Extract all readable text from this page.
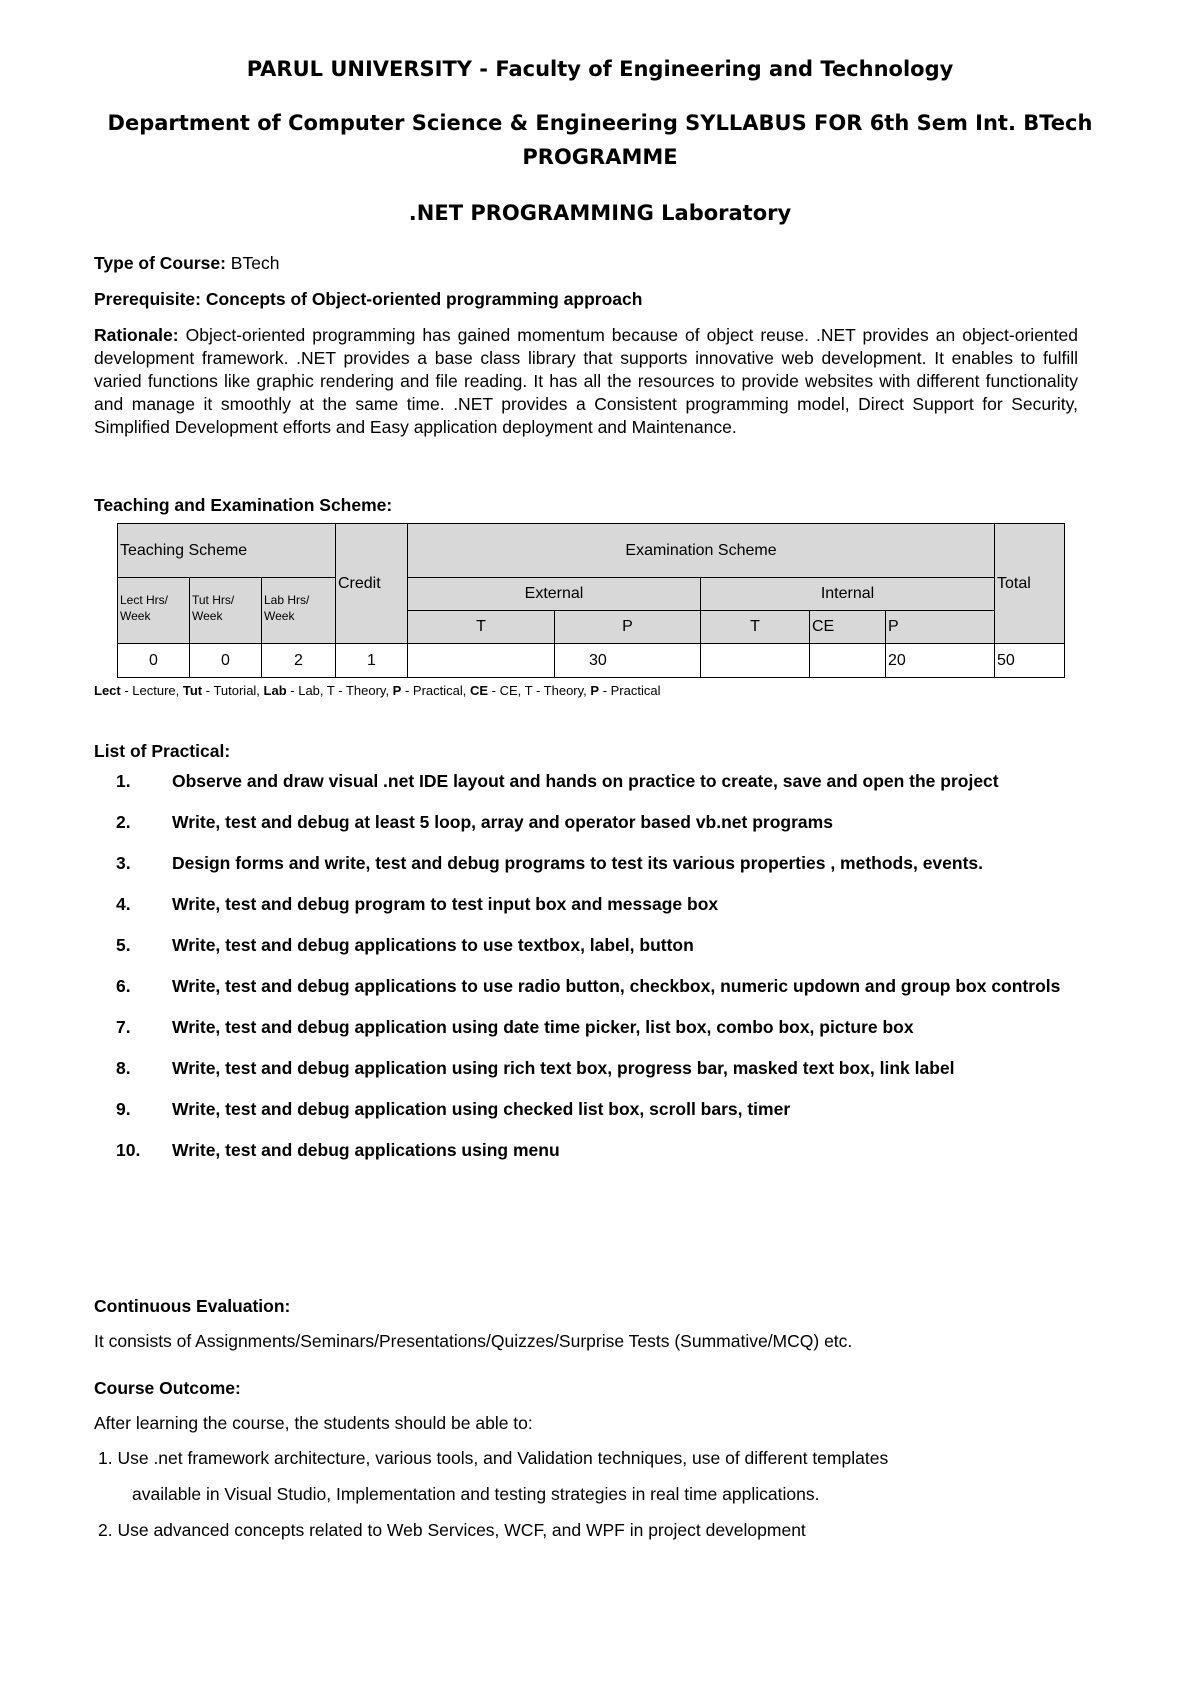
PARUL UNIVERSITY - Faculty of Engineering and Technology
Department of Computer Science & Engineering SYLLABUS FOR 6th Sem Int. BTech
PROGRAMME
.NET PROGRAMMING Laboratory
Type of Course: BTech
Prerequisite: Concepts of Object-oriented programming approach
Rationale: Object-oriented programming has gained momentum because of object reuse. .NET provides an object-oriented development framework. .NET provides a base class library that supports innovative web development. It enables to fulfill varied functions like graphic rendering and file reading. It has all the resources to provide websites with different functionality and manage it smoothly at the same time. .NET provides a Consistent programming model, Direct Support for Security, Simplified Development efforts and Easy application deployment and Maintenance.
Teaching and Examination Scheme:
Teaching Scheme			Credit	Examination Scheme					Total
Lect Hrs/ Week	Tut Hrs/ Week	Lab Hrs/ Week		External		Internal			
				T	P	T	CE	P	
0	0	2	1		30			20	50
Lect - Lecture, Tut - Tutorial, Lab - Lab, T - Theory, P - Practical, CE - CE, T - Theory, P - Practical
List of Practical:
1. Observe and draw visual .net IDE layout and hands on practice to create, save and open the project
2. Write, test and debug at least 5 loop, array and operator based vb.net programs
3. Design forms and write, test and debug programs to test its various properties , methods, events.
4. Write, test and debug program to test input box and message box
5. Write, test and debug applications to use textbox, label, button
6. Write, test and debug applications to use radio button, checkbox, numeric updown and group box controls
7. Write, test and debug application using date time picker, list box, combo box, picture box
8. Write, test and debug application using rich text box, progress bar, masked text box, link label
9. Write, test and debug application using checked list box, scroll bars, timer
10. Write, test and debug applications using menu
Continuous Evaluation:
It consists of Assignments/Seminars/Presentations/Quizzes/Surprise Tests (Summative/MCQ) etc.
Course Outcome:
After learning the course, the students should be able to:
1. Use .net framework architecture, various tools, and Validation techniques, use of different templates
available in Visual Studio, Implementation and testing strategies in real time applications.
2. Use advanced concepts related to Web Services, WCF, and WPF in project development
